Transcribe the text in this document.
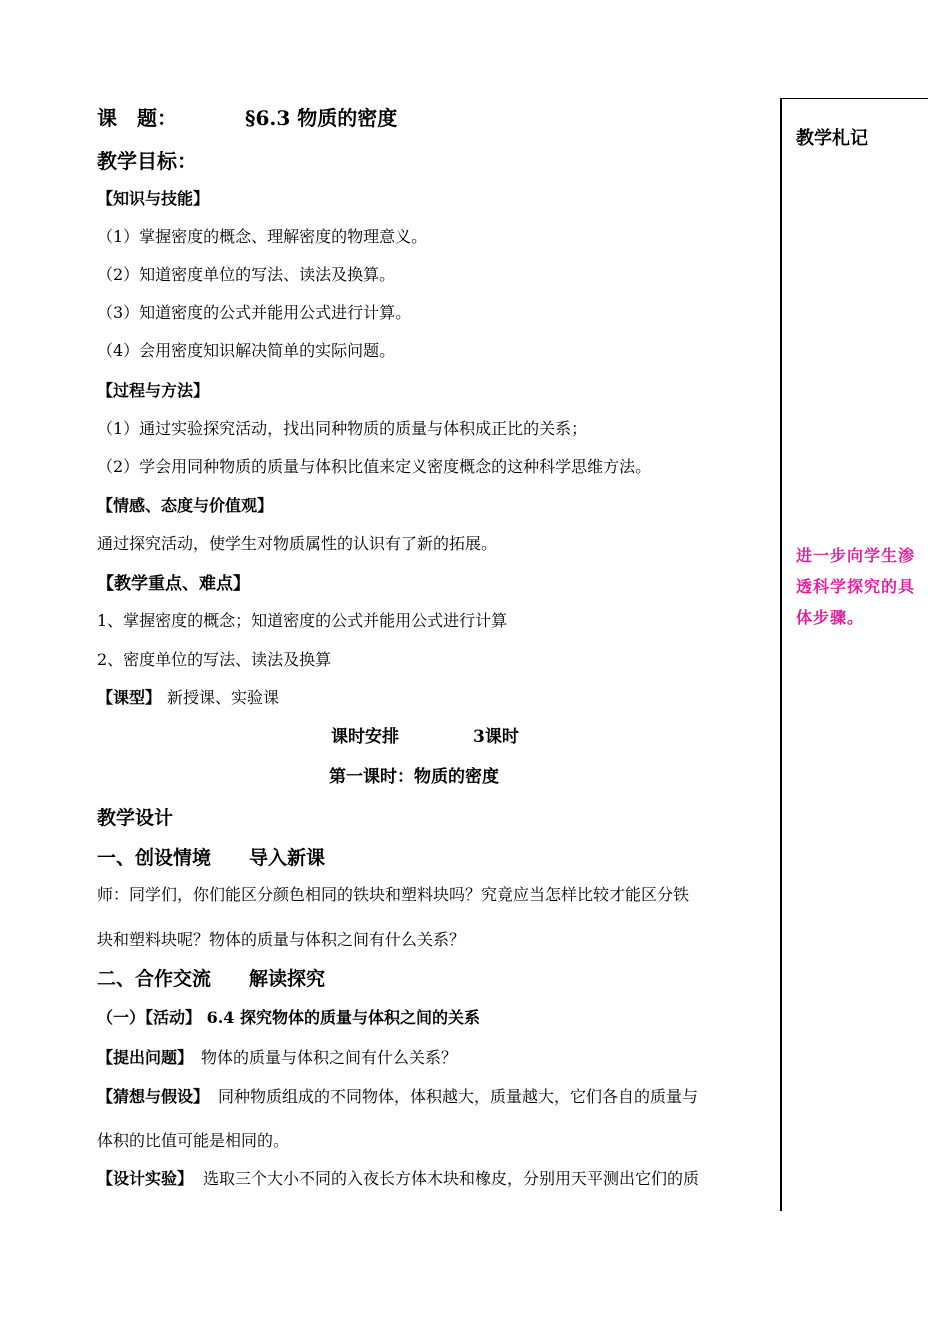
课　题：	§6.3 物质的密度
教学目标：
【知识与技能】
（1）掌握密度的概念、理解密度的物理意义。
（2）知道密度单位的写法、读法及换算。
（3）知道密度的公式并能用公式进行计算。
（4）会用密度知识解决简单的实际问题。
【过程与方法】
（1）通过实验探究活动，找出同种物质的质量与体积成正比的关系；
（2）学会用同种物质的质量与体积比值来定义密度概念的这种科学思维方法。
【情感、态度与价值观】
通过探究活动，使学生对物质属性的认识有了新的拓展。
【教学重点、难点】
1、掌握密度的概念；知道密度的公式并能用公式进行计算
2、密度单位的写法、读法及换算
【课型】 新授课、实验课
课时安排	3课时
第一课时：物质的密度
教学设计
一、创设情境　　导入新课
师：同学们，你们能区分颜色相同的铁块和塑料块吗？究竟应当怎样比较才能区分铁
块和塑料块呢？物体的质量与体积之间有什么关系？
二、合作交流　　解读探究
（一）【活动】 6.4 探究物体的质量与体积之间的关系
【提出问题】 物体的质量与体积之间有什么关系？
【猜想与假设】 同种物质组成的不同物体，体积越大，质量越大，它们各自的质量与
体积的比值可能是相同的。
【设计实验】 选取三个大小不同的入夜长方体木块和橡皮，分别用天平测出它们的质
教学札记
进一步向学生渗透科学探究的具体步骤。
